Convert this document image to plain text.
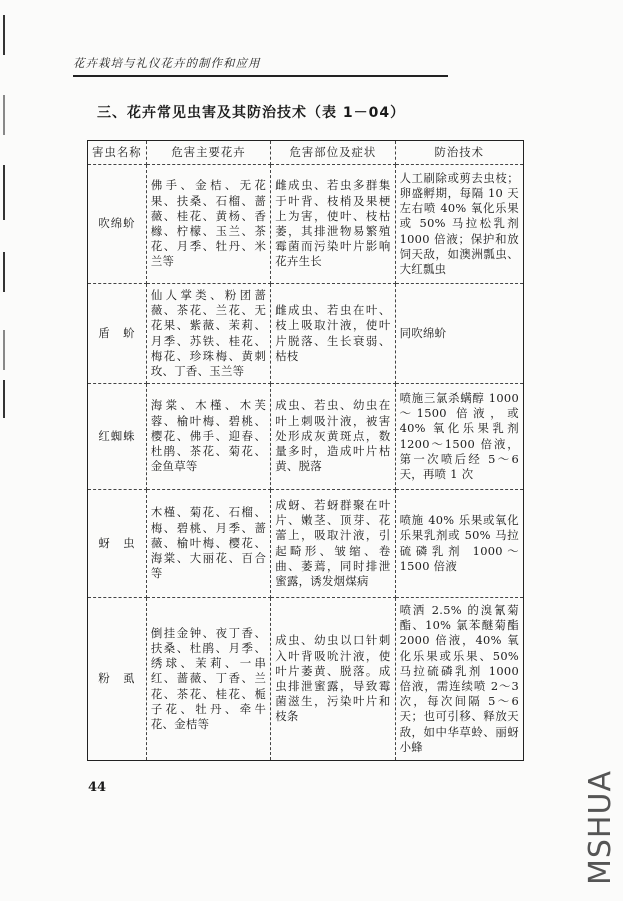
花卉栽培与礼仪花卉的制作和应用
三、花卉常见虫害及其防治技术（表 1－04）
害虫名称	危害主要花卉	危害部位及症状	防治技术
吹绵蚧	佛手、金桔、无花果、扶桑、石榴、蔷薇、桂花、黄杨、香橼、柠檬、玉兰、茶花、月季、牡丹、米兰等	雌成虫、若虫多群集于叶背、枝梢及果梗上为害，使叶、枝枯萎，其排泄物易繁殖霉菌而污染叶片影响花卉生长	人工刷除或剪去虫枝；卵盛孵期，每隔 10 天左右喷 40% 氧化乐果或 50% 马拉松乳剂 1000 倍液；保护和放饲天敌，如澳洲瓢虫、大红瓢虫
盾　蚧	仙人掌类、粉团蔷薇、茶花、兰花、无花果、紫薇、茉莉、月季、苏铁、桂花、梅花、珍珠梅、黄刺玫、丁香、玉兰等	雌成虫、若虫在叶、枝上吸取汁液，使叶片脱落、生长衰弱、枯枝	同吹绵蚧
红蜘蛛	海棠、木槿、木芙蓉、榆叶梅、碧桃、樱花、佛手、迎春、杜鹃、茶花、菊花、金鱼草等	成虫、若虫、幼虫在叶上刺吸汁液，被害处形成灰黄斑点，数量多时，造成叶片枯黄、脱落	喷施三氯杀螨醇 1000～1500 倍液，或 40% 氧化乐果乳剂 1200～1500 倍液，第一次喷后经 5～6 天，再喷 1 次
蚜　虫	木槿、菊花、石榴、梅、碧桃、月季、蔷薇、榆叶梅、樱花、海棠、大丽花、百合等	成蚜、若蚜群聚在叶片、嫩茎、顶芽、花蕾上，吸取汁液，引起畸形、皱缩、卷曲、萎蔫，同时排泄蜜露，诱发烟煤病	喷施 40% 乐果或氧化乐果乳剂或 50% 马拉硫磷乳剂 1000～1500 倍液
粉　虱	倒挂金钟、夜丁香、扶桑、杜鹃、月季、绣球、茉莉、一串红、蔷薇、丁香、兰花、茶花、桂花、栀子花、牡丹、牵牛花、金桔等	成虫、幼虫以口针刺入叶背吸吮汁液，使叶片萎黄、脱落。成虫排泄蜜露，导致霉菌滋生，污染叶片和枝条	喷洒 2.5% 的溴氰菊酯、10% 氯苯醚菊酯 2000 倍液，40% 氧化乐果或乐果、50% 马拉硫磷乳剂 1000 倍液，需连续喷 2～3 次，每次间隔 5～6 天；也可引移、释放天敌，如中华草蛉、丽蚜小蜂
44	MSHUA
